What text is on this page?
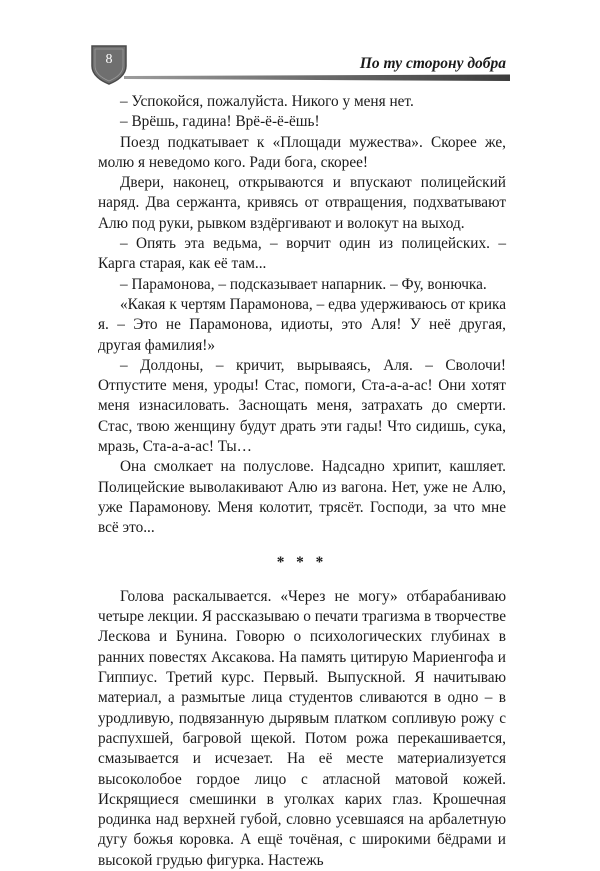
8	По ту сторону добра

– Успокойся, пожалуйста. Никого у меня нет.

– Врёшь, гадина! Врё-ё-ё-ёшь!

Поезд подкатывает к «Площади мужества». Скорее же, молю я неведомо кого. Ради бога, скорее!

Двери, наконец, открываются и впускают полицейский наряд. Два сержанта, кривясь от отвращения, подхватывают Алю под руки, рывком вздёргивают и волокут на выход.

– Опять эта ведьма, – ворчит один из полицейских. – Карга старая, как её там...

– Парамонова, – подсказывает напарник. – Фу, вонючка.

«Какая к чертям Парамонова, – едва удерживаюсь от крика я. – Это не Парамонова, идиоты, это Аля! У неё другая, другая фамилия!»

– Долдоны, – кричит, вырываясь, Аля. – Сволочи! Отпустите меня, уроды! Стас, помоги, Ста-а-а-ас! Они хотят меня изнасиловать. Заснощать меня, затрахать до смерти. Стас, твою женщину будут драть эти гады! Что сидишь, сука, мразь, Ста-а-а-ас! Ты…

Она смолкает на полуслове. Надсадно хрипит, кашляет. Полицейские выволакивают Алю из вагона. Нет, уже не Алю, уже Парамонову. Меня колотит, трясёт. Господи, за что мне всё это...

* * *

Голова раскалывается. «Через не могу» отбарабаниваю четыре лекции. Я рассказываю о печати трагизма в творчестве Лескова и Бунина. Говорю о психологических глубинах в ранних повестях Аксакова. На память цитирую Мариенгофа и Гиппиус. Третий курс. Первый. Выпускной. Я начитываю материал, а размытые лица студентов сливаются в одно – в уродливую, подвязанную дырявым платком сопливую рожу с распухшей, багровой щекой. Потом рожа перекашивается, смазывается и исчезает. На её месте материализуется высоколобое гордое лицо с атласной матовой кожей. Искрящиеся смешинки в уголках карих глаз. Крошечная родинка над верхней губой, словно усевшаяся на арбалетную дугу божья коровка. А ещё точёная, с широкими бёдрами и высокой грудью фигурка. Настежь
